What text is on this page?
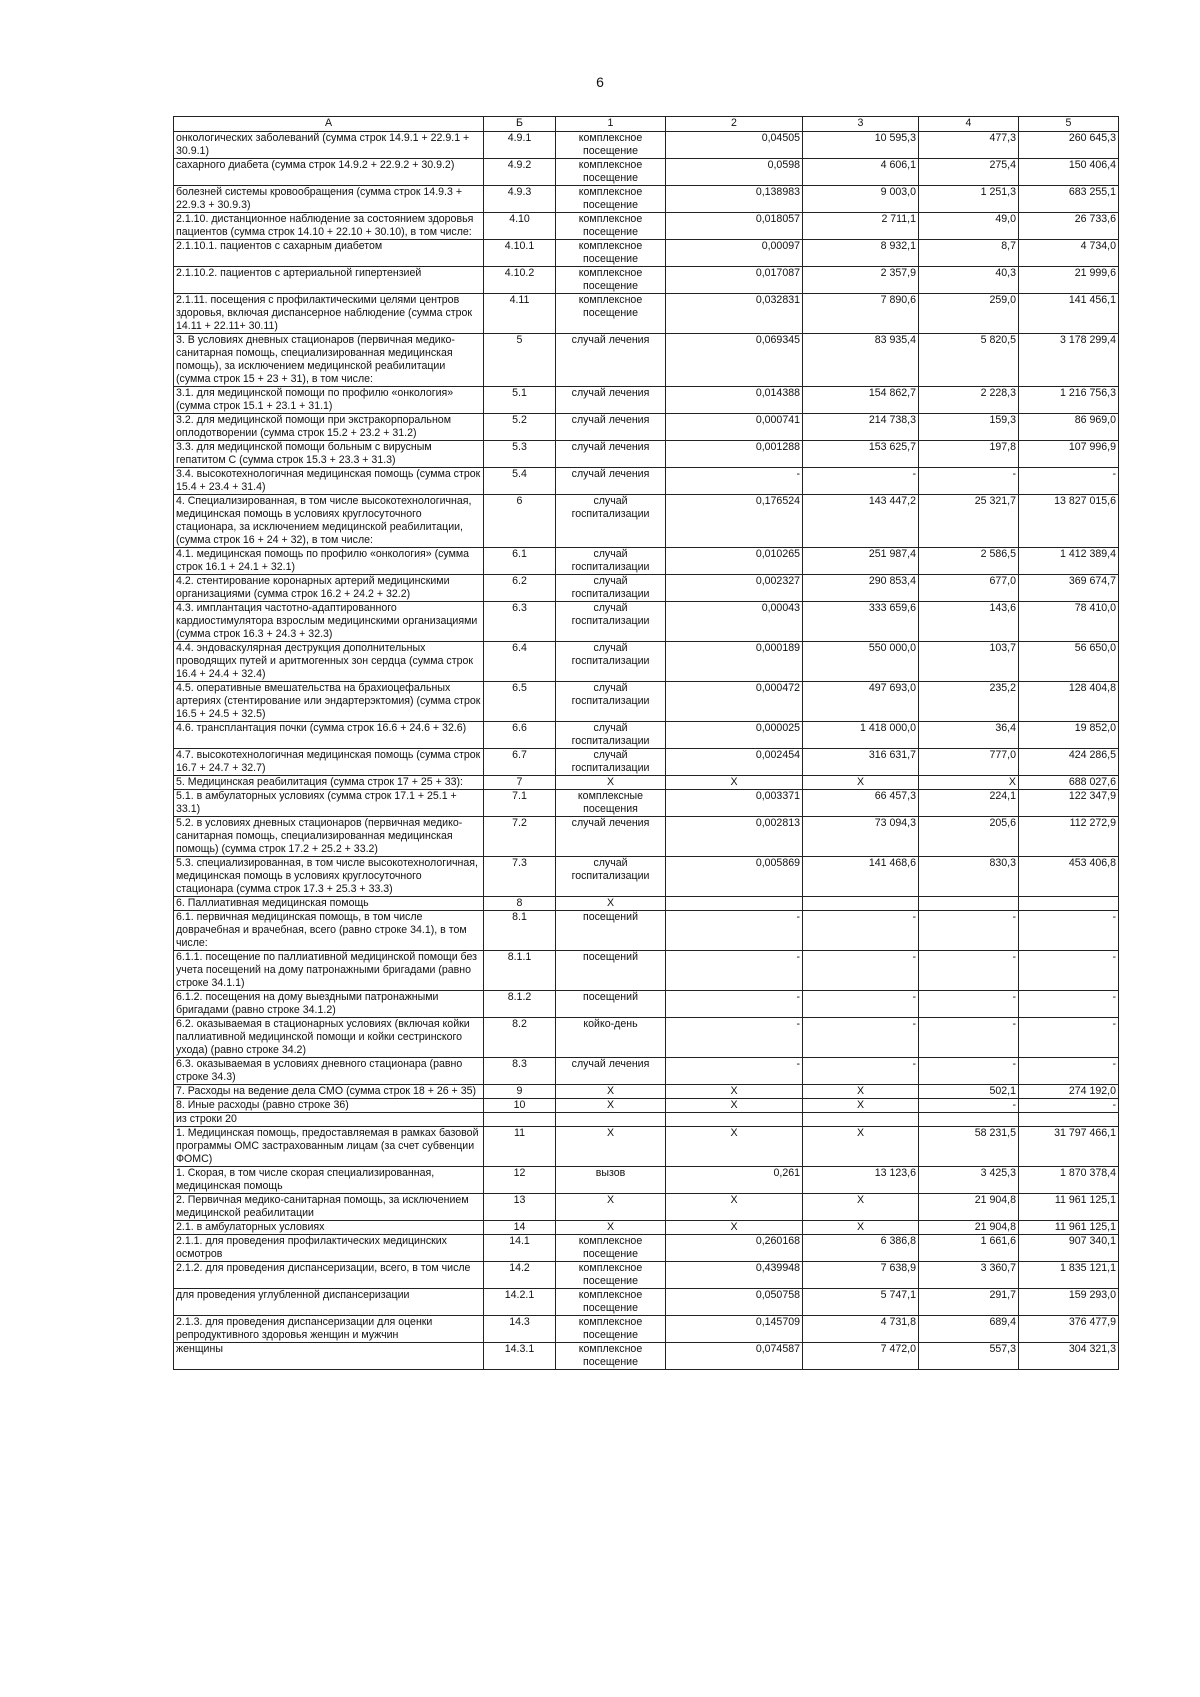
6
А	Б	1	2	3	4	5
онкологических заболеваний (сумма строк 14.9.1 + 22.9.1 + 30.9.1)	4.9.1	комплексное посещение	0,04505	10 595,3	477,3	260 645,3
сахарного диабета (сумма строк 14.9.2 + 22.9.2 + 30.9.2)	4.9.2	комплексное посещение	0,0598	4 606,1	275,4	150 406,4
болезней системы кровообращения (сумма строк 14.9.3 + 22.9.3 + 30.9.3)	4.9.3	комплексное посещение	0,138983	9 003,0	1 251,3	683 255,1
2.1.10. дистанционное наблюдение за состоянием здоровья пациентов (сумма строк 14.10 + 22.10 + 30.10), в том числе:	4.10	комплексное посещение	0,018057	2 711,1	49,0	26 733,6
2.1.10.1. пациентов с сахарным диабетом	4.10.1	комплексное посещение	0,00097	8 932,1	8,7	4 734,0
2.1.10.2. пациентов с артериальной гипертензией	4.10.2	комплексное посещение	0,017087	2 357,9	40,3	21 999,6
2.1.11. посещения с профилактическими целями центров здоровья, включая диспансерное наблюдение (сумма строк 14.11 + 22.11+ 30.11)	4.11	комплексное посещение	0,032831	7 890,6	259,0	141 456,1
3. В условиях дневных стационаров (первичная медико-санитарная помощь, специализированная медицинская помощь), за исключением медицинской реабилитации (сумма строк 15 + 23 + 31), в том числе:	5	случай лечения	0,069345	83 935,4	5 820,5	3 178 299,4
3.1. для медицинской помощи по профилю «онкология» (сумма строк 15.1 + 23.1 + 31.1)	5.1	случай лечения	0,014388	154 862,7	2 228,3	1 216 756,3
3.2. для медицинской помощи при экстракорпоральном оплодотворении (сумма строк 15.2 + 23.2 + 31.2)	5.2	случай лечения	0,000741	214 738,3	159,3	86 969,0
3.3. для медицинской помощи больным с вирусным гепатитом С (сумма строк 15.3 + 23.3 + 31.3)	5.3	случай лечения	0,001288	153 625,7	197,8	107 996,9
3.4. высокотехнологичная медицинская помощь (сумма строк 15.4 + 23.4 + 31.4)	5.4	случай лечения	-	-	-	-
4. Специализированная, в том числе высокотехнологичная, медицинская помощь в условиях круглосуточного стационара, за исключением медицинской реабилитации, (сумма строк 16 + 24 + 32), в том числе:	6	случай госпитализации	0,176524	143 447,2	25 321,7	13 827 015,6
4.1. медицинская помощь по профилю «онкология» (сумма строк 16.1 + 24.1 + 32.1)	6.1	случай госпитализации	0,010265	251 987,4	2 586,5	1 412 389,4
4.2. стентирование коронарных артерий медицинскими организациями (сумма строк 16.2 + 24.2 + 32.2)	6.2	случай госпитализации	0,002327	290 853,4	677,0	369 674,7
4.3. имплантация частотно-адаптированного кардиостимулятора взрослым медицинскими организациями (сумма строк 16.3 + 24.3 + 32.3)	6.3	случай госпитализации	0,00043	333 659,6	143,6	78 410,0
4.4. эндоваскулярная деструкция дополнительных проводящих путей и аритмогенных зон сердца (сумма строк 16.4 + 24.4 + 32.4)	6.4	случай госпитализации	0,000189	550 000,0	103,7	56 650,0
4.5. оперативные вмешательства на брахиоцефальных артериях (стентирование или эндартерэктомия) (сумма строк 16.5 + 24.5 + 32.5)	6.5	случай госпитализации	0,000472	497 693,0	235,2	128 404,8
4.6. трансплантация почки (сумма строк 16.6 + 24.6 + 32.6)	6.6	случай госпитализации	0,000025	1 418 000,0	36,4	19 852,0
4.7. высокотехнологичная медицинская помощь (сумма строк 16.7 + 24.7 + 32.7)	6.7	случай госпитализации	0,002454	316 631,7	777,0	424 286,5
5. Медицинская реабилитация (сумма строк 17 + 25 + 33):	7	X	X	X	X	688 027,6
5.1. в амбулаторных условиях (сумма строк 17.1 + 25.1 + 33.1)	7.1	комплексные посещения	0,003371	66 457,3	224,1	122 347,9
5.2. в условиях дневных стационаров (первичная медико-санитарная помощь, специализированная медицинская помощь) (сумма строк 17.2 + 25.2 + 33.2)	7.2	случай лечения	0,002813	73 094,3	205,6	112 272,9
5.3. специализированная, в том числе высокотехнологичная, медицинская помощь в условиях круглосуточного стационара (сумма строк 17.3 + 25.3 + 33.3)	7.3	случай госпитализации	0,005869	141 468,6	830,3	453 406,8
6. Паллиативная медицинская помощь	8	X				
6.1. первичная медицинская помощь, в том числе доврачебная и врачебная, всего (равно строке 34.1), в том числе:	8.1	посещений	-	-	-	-
6.1.1. посещение по паллиативной медицинской помощи без учета посещений на дому патронажными бригадами (равно строке 34.1.1)	8.1.1	посещений	-	-	-	-
6.1.2. посещения на дому выездными патронажными бригадами (равно строке 34.1.2)	8.1.2	посещений	-	-	-	-
6.2. оказываемая в стационарных условиях (включая койки паллиативной медицинской помощи и койки сестринского ухода) (равно строке 34.2)	8.2	койко-день	-	-	-	-
6.3. оказываемая в условиях дневного стационара (равно строке 34.3)	8.3	случай лечения	-	-	-	-
7. Расходы на ведение дела СМО (сумма строк 18 + 26 + 35)	9	X	X	X	502,1	274 192,0
8. Иные расходы (равно строке 36)	10	X	X	X	-	-
из строки 20						
1. Медицинская помощь, предоставляемая в рамках базовой программы ОМС застрахованным лицам (за счет субвенции ФОМС)	11	X	X	X	58 231,5	31 797 466,1
1. Скорая, в том числе скорая специализированная, медицинская помощь	12	вызов	0,261	13 123,6	3 425,3	1 870 378,4
2. Первичная медико-санитарная помощь, за исключением медицинской реабилитации	13	X	X	X	21 904,8	11 961 125,1
2.1. в амбулаторных условиях	14	X	X	X	21 904,8	11 961 125,1
2.1.1. для проведения профилактических медицинских осмотров	14.1	комплексное посещение	0,260168	6 386,8	1 661,6	907 340,1
2.1.2. для проведения диспансеризации, всего, в том числе	14.2	комплексное посещение	0,439948	7 638,9	3 360,7	1 835 121,1
для проведения углубленной диспансеризации	14.2.1	комплексное посещение	0,050758	5 747,1	291,7	159 293,0
2.1.3. для проведения диспансеризации для оценки репродуктивного здоровья женщин и мужчин	14.3	комплексное посещение	0,145709	4 731,8	689,4	376 477,9
женщины	14.3.1	комплексное посещение	0,074587	7 472,0	557,3	304 321,3
